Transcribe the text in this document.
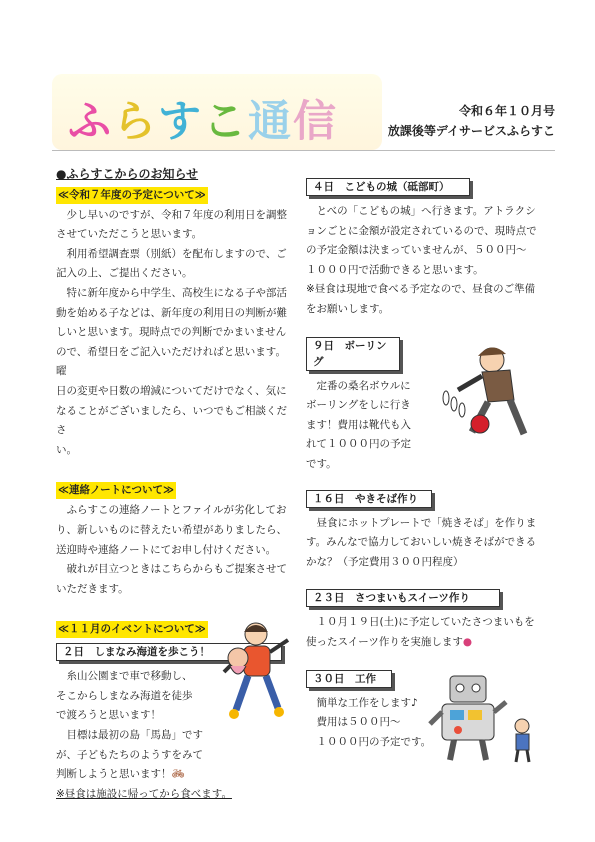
ふらすこ通信	令和６年１０月号
放課後等デイサービスふらすこ

●ふらすこからのお知らせ

≪令和７年度の予定について≫

　少し早いのですが、令和７年度の利用日を調整

させていただこうと思います。

　利用希望調査票（別紙）を配布しますので、ご

記入の上、ご提出ください。

　特に新年度から中学生、高校生になる子や部活

動を始める子などは、新年度の利用日の判断が難

しいと思います。現時点での判断でかまいません

ので、希望日をご記入いただければと思います。曜

日の変更や日数の増減についてだけでなく、気に

なることがございましたら、いつでもご相談くださ

い。

≪連絡ノートについて≫

　ふらすこの連絡ノートとファイルが劣化してお

り、新しいものに替えたい希望がありましたら、

送迎時や連絡ノートにてお申し付けください。

　破れが目立つときはこちらからもご提案させて

いただきます。

≪１１月のイベントについて≫
２日　しまなみ海道を歩こう！

　糸山公園まで車で移動し、

そこからしまなみ海道を徒歩

で渡ろうと思います！

　目標は最初の島「馬島」です

が、子どもたちのようすをみて

判断しようと思います！🚲︎

※昼食は施設に帰ってから食べます。

４日　こどもの城（砥部町）

　とべの「こどもの城」へ行きます。アトラクシ

ョンごとに金額が設定されているので、現時点で

の予定金額は決まっていませんが、５００円～

１０００円で活動できると思います。

※昼食は現地で食べる予定なので、昼食のご準備

をお願いします。

９日　ボーリング

　定番の桑名ボウルに

ボーリングをしに行き

ます！費用は靴代も入

れて１０００円の予定

です。

１６日　やきそば作り

　昼食にホットプレートで「焼きそば」を作りま

す。みんなで協力しておいしい焼きそばができる

かな？（予定費用３００円程度）

２３日　さつまいもスイーツ作り

　１０月１９日(土)に予定していたさつまいもを

使ったスイーツ作りを実施します●

３０日　工作

　簡単な工作をします♪

　費用は５００円～

　１０００円の予定です。
